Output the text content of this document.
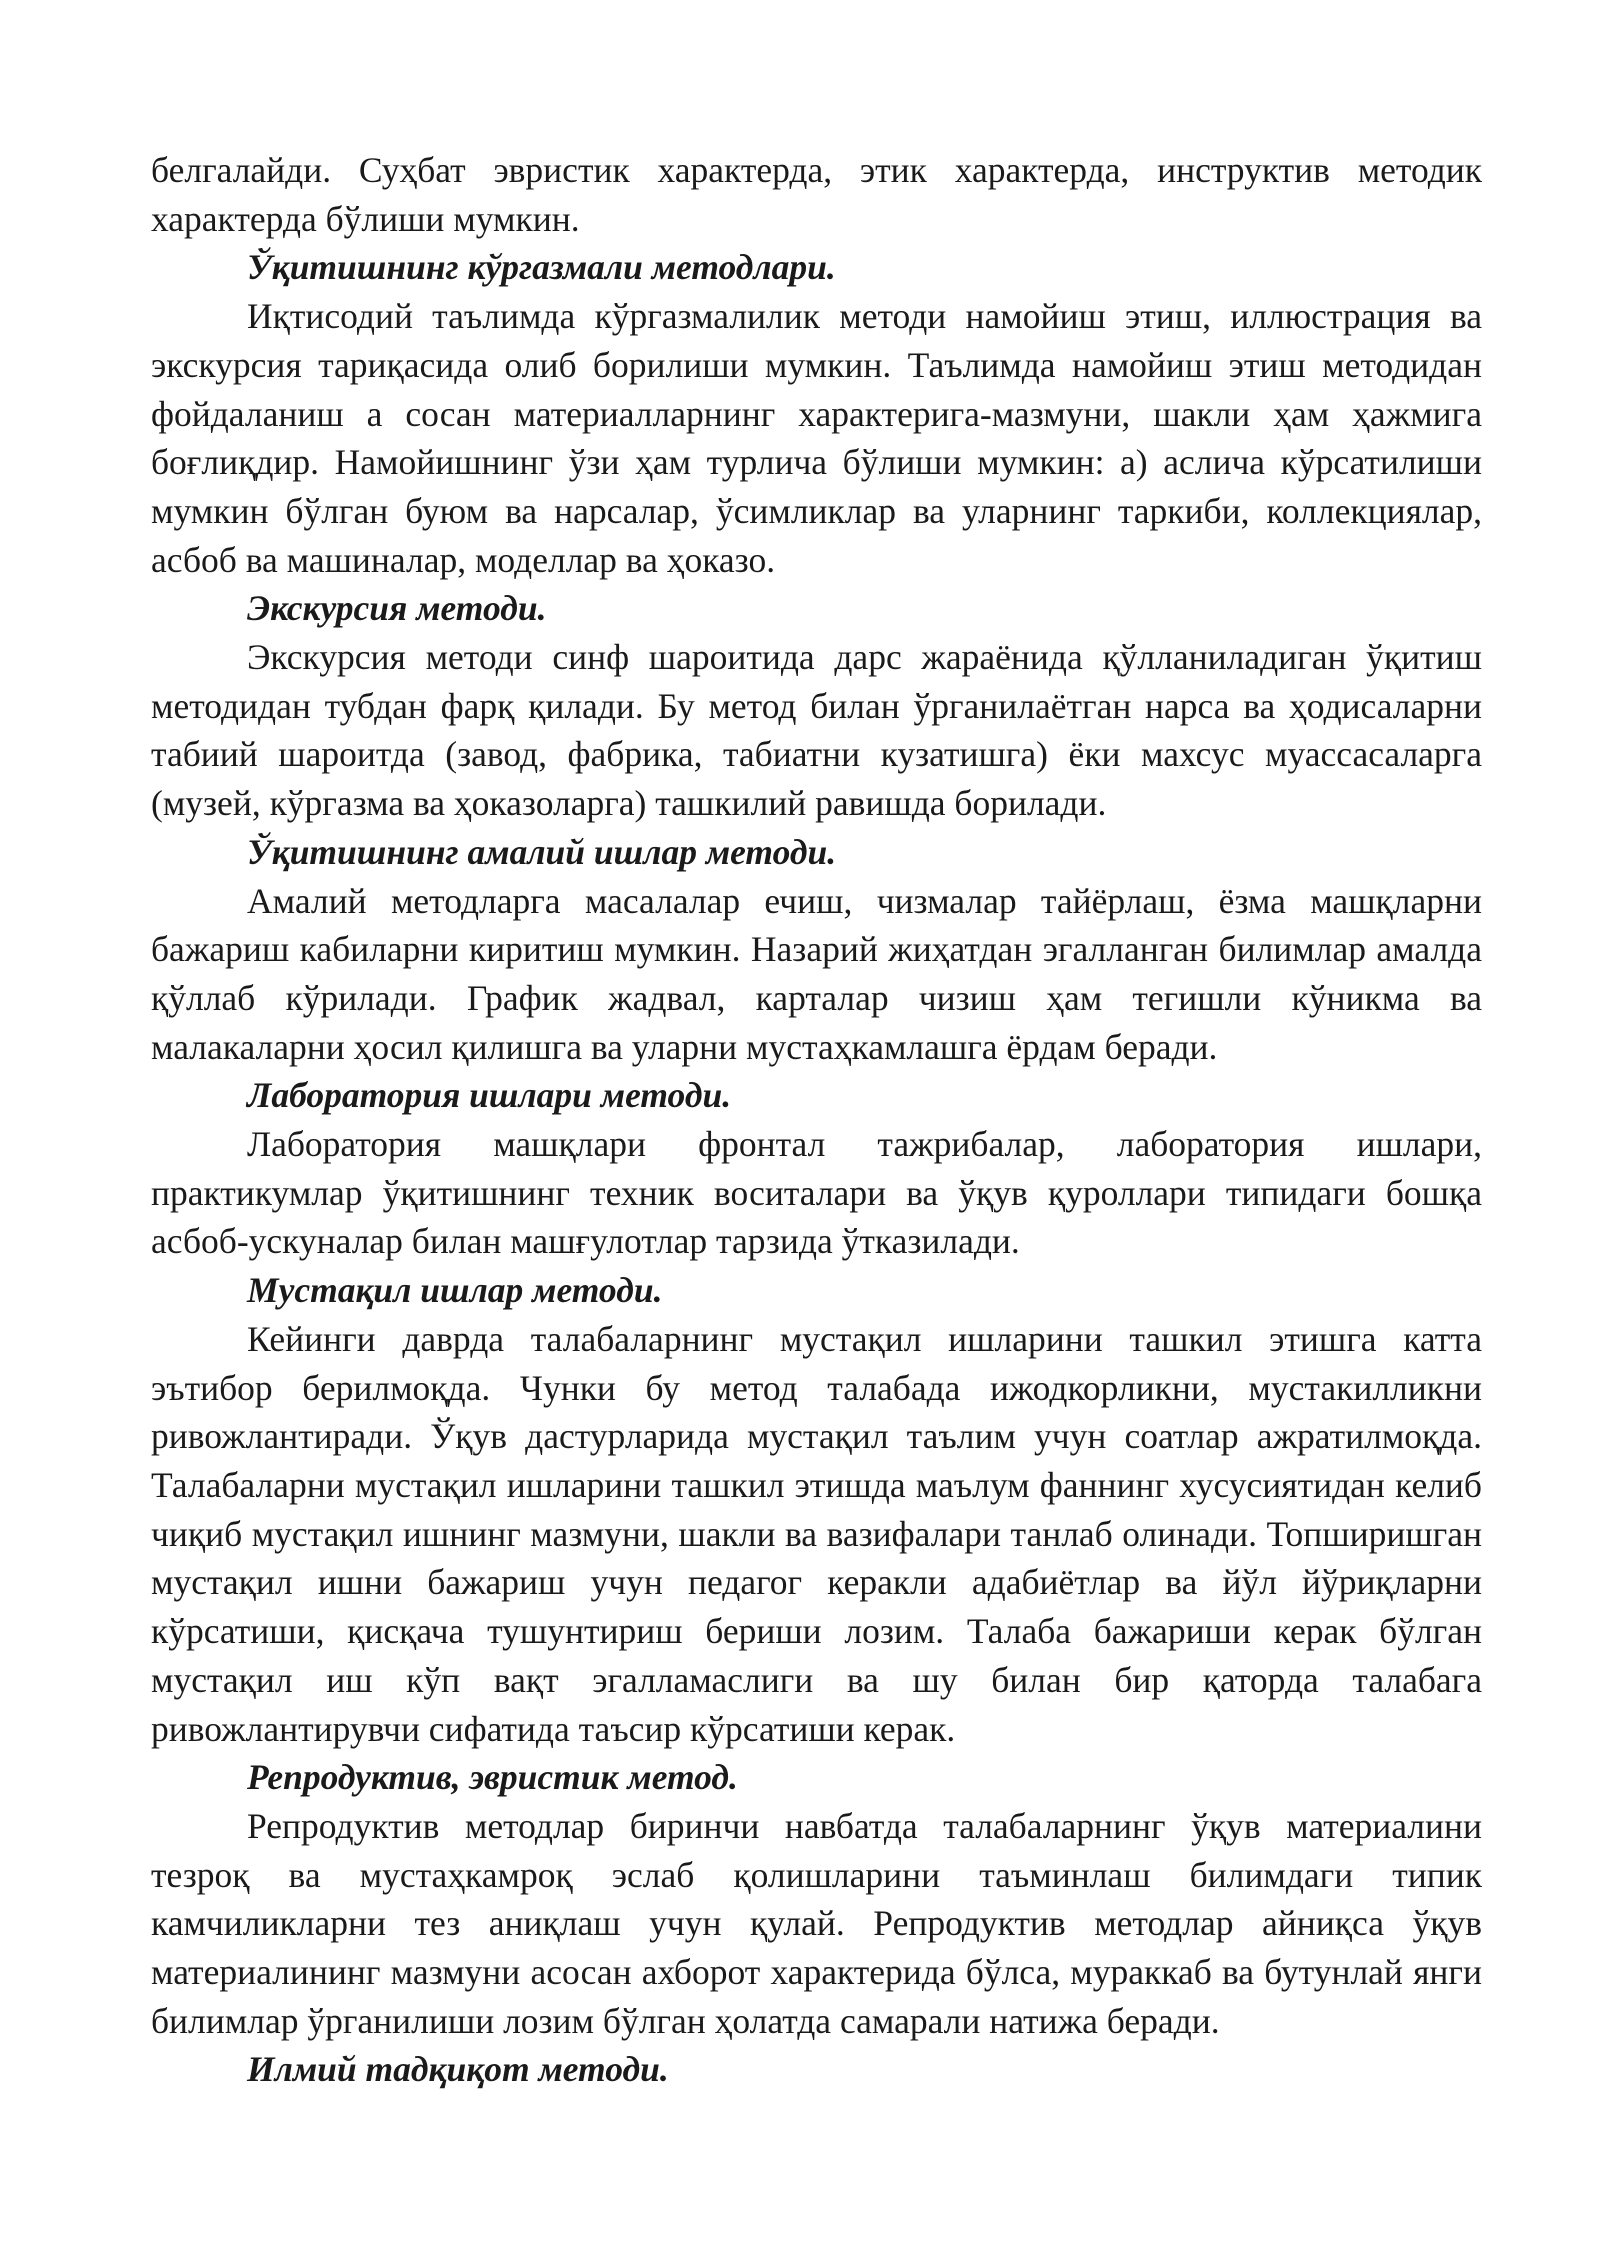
белгалайди. Суҳбат эвристик характерда, этик характерда, инструктив методик характерда бўлиши мумкин.

Ўқитишнинг кўргазмали методлари.

Иқтисодий таълимда кўргазмалилик методи намойиш этиш, иллюстрация ва экскурсия тариқасида олиб борилиши мумкин. Таълимда намойиш этиш методидан фойдаланиш а сосан материалларнинг характерига-мазмуни, шакли ҳам ҳажмига боғлиқдир. Намойишнинг ўзи ҳам турлича бўлиши мумкин: а) аслича кўрсатилиши мумкин бўлган буюм ва нарсалар, ўсимликлар ва уларнинг таркиби, коллекциялар, асбоб ва машиналар, моделлар ва ҳоказо.

Экскурсия методи.

Экскурсия методи синф шароитида дарс жараёнида қўлланиладиган ўқитиш методидан тубдан фарқ қилади. Бу метод билан ўрганилаётган нарса ва ҳодисаларни табиий шароитда (завод, фабрика, табиатни кузатишга) ёки махсус муассасаларга (музей, кўргазма ва ҳоказоларга) ташкилий равишда борилади.

Ўқитишнинг амалий ишлар методи.

Амалий методларга масалалар ечиш, чизмалар тайёрлаш, ёзма машқларни бажариш кабиларни киритиш мумкин. Назарий жиҳатдан эгалланган билимлар амалда қўллаб кўрилади. График жадвал, карталар чизиш ҳам тегишли кўникма ва малакаларни ҳосил қилишга ва уларни мустаҳкамлашга ёрдам беради.

Лаборатория ишлари методи.

Лаборатория машқлари фронтал тажрибалар, лаборатория ишлари, практикумлар ўқитишнинг техник воситалари ва ўқув қуроллари типидаги бошқа асбоб-ускуналар билан машғулотлар тарзида ўтказилади.

Мустақил ишлар методи.

Кейинги даврда талабаларнинг мустақил ишларини ташкил этишга катта эътибор берилмоқда. Чунки бу метод талабада ижодкорликни, мустакилликни ривожлантиради. Ўқув дастурларида мустақил таълим учун соатлар ажратилмоқда. Талабаларни мустақил ишларини ташкил этишда маълум фаннинг хусусиятидан келиб чиқиб мустақил ишнинг мазмуни, шакли ва вазифалари танлаб олинади. Топширишган мустақил ишни бажариш учун педагог керакли адабиётлар ва йўл йўриқларни кўрсатиши, қисқача тушунтириш бериши лозим. Талаба бажариши керак бўлган мустақил иш кўп вақт эгалламаслиги ва шу билан бир қаторда талабага ривожлантирувчи сифатида таъсир кўрсатиши керак.

Репродуктив, эвристик метод.

Репродуктив методлар биринчи навбатда талабаларнинг ўқув материалини тезроқ ва мустаҳкамроқ эслаб қолишларини таъминлаш билимдаги типик камчиликларни тез аниқлаш учун қулай. Репродуктив методлар айниқса ўқув материалининг мазмуни асосан ахборот характерида бўлса, мураккаб ва бутунлай янги билимлар ўрганилиши лозим бўлган ҳолатда самарали натижа беради.

Илмий тадқиқот методи.
